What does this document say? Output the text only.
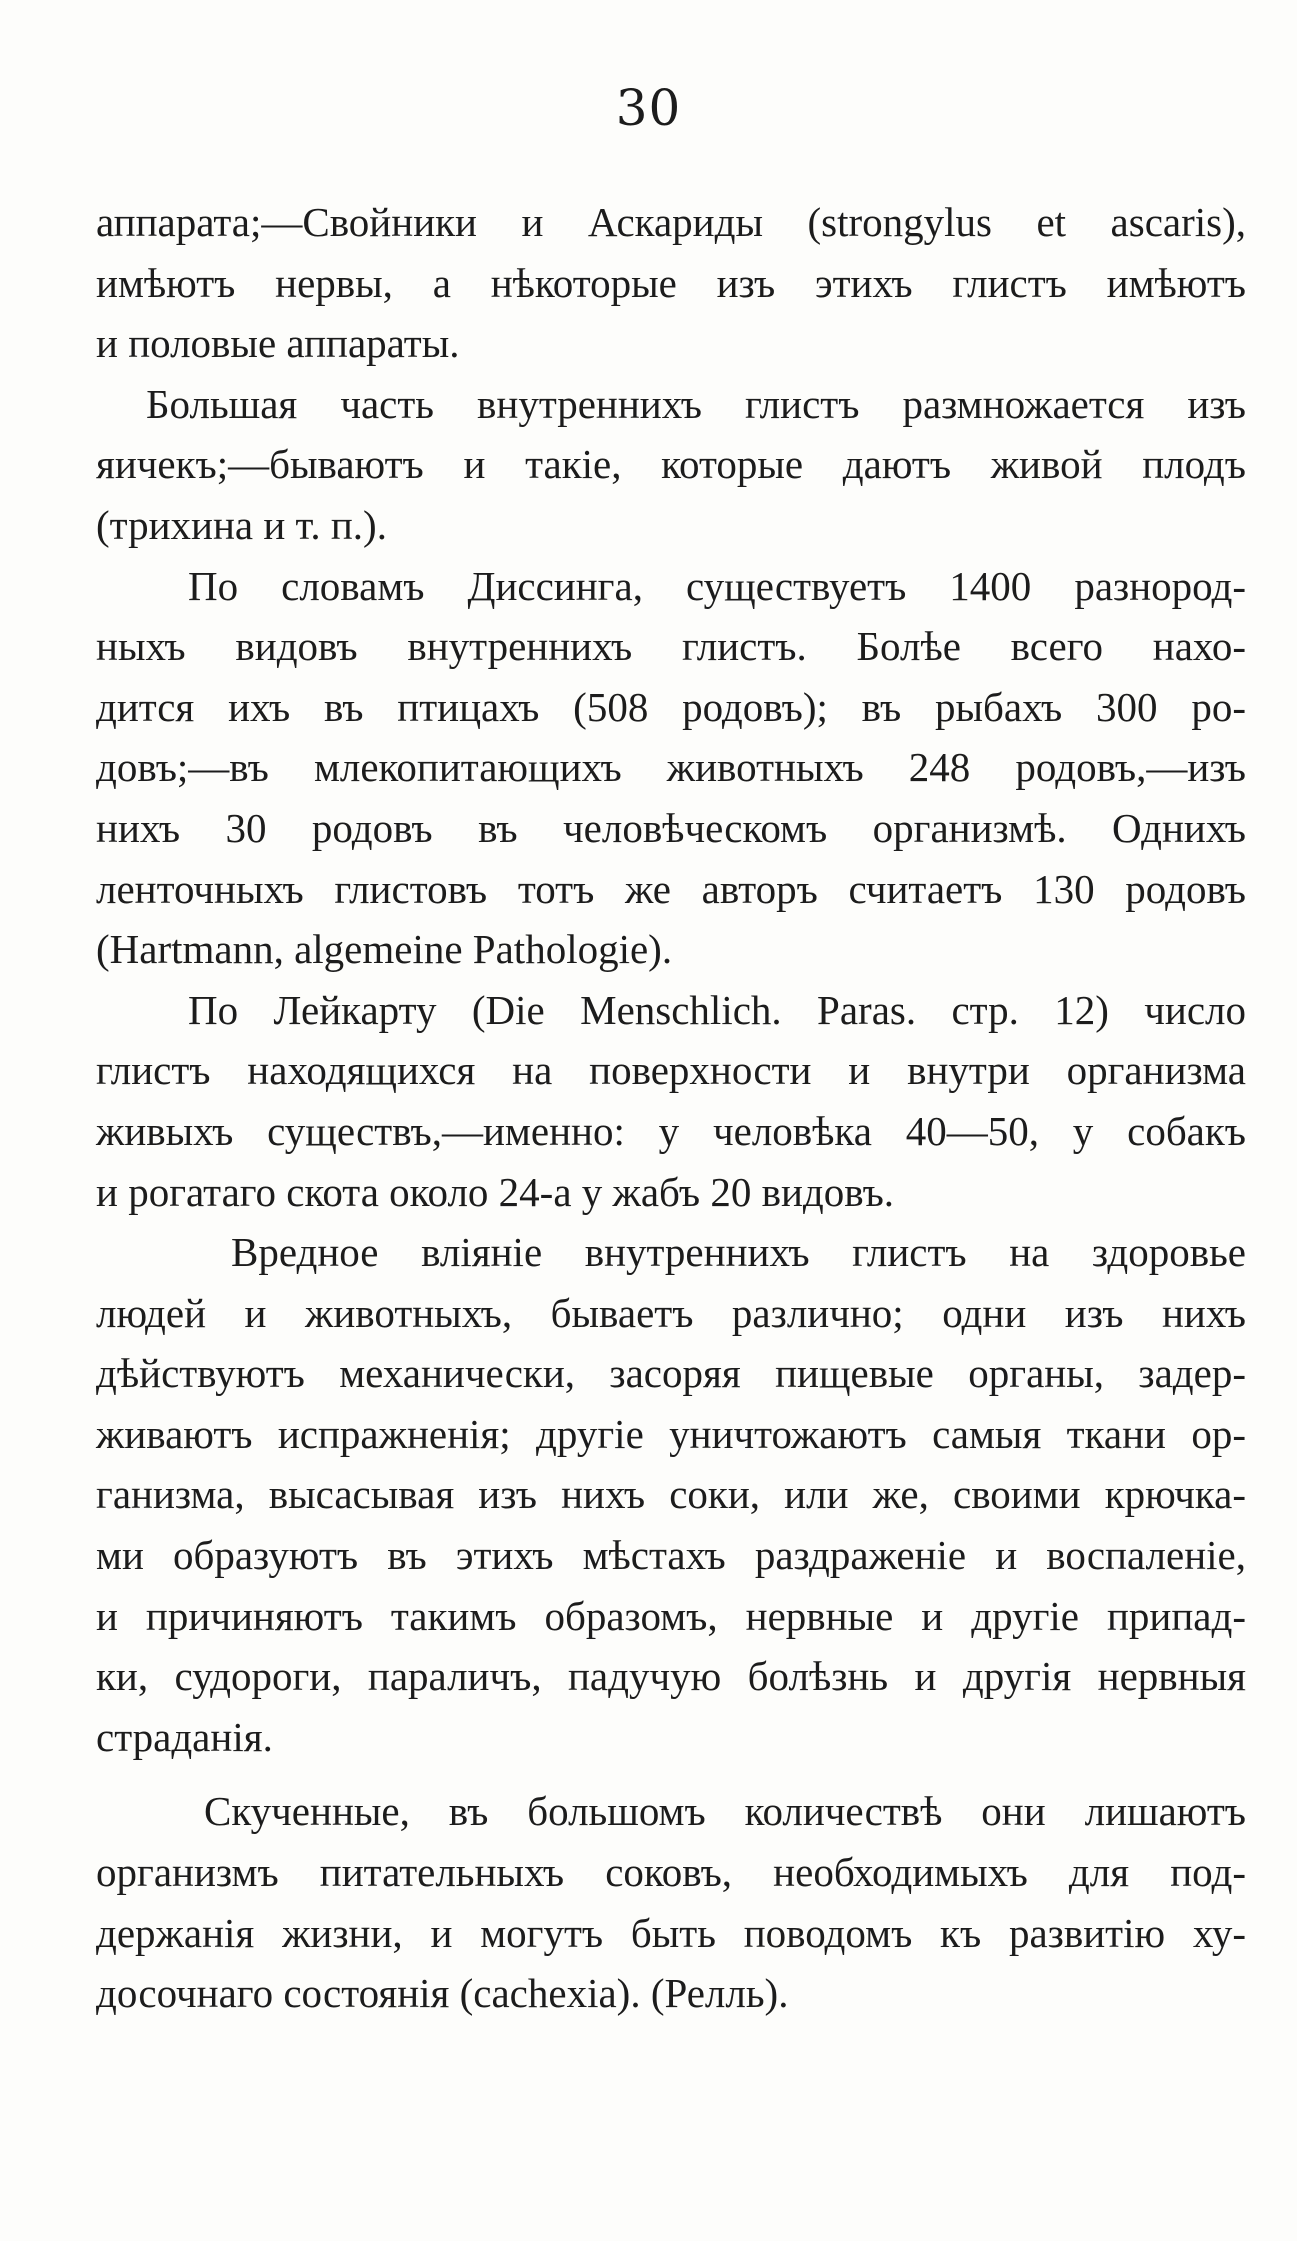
30

аппарата;—Свойники и Аскариды (strongylus et ascaris),
имѣютъ нервы, а нѣкоторые изъ этихъ глистъ имѣютъ
и половые аппараты.

Большая часть внутреннихъ глистъ размножается изъ
яичекъ;—бываютъ и такіе, которые даютъ живой плодъ
(трихина и т. п.).

По словамъ Диссинга, существуетъ 1400 разнород-
ныхъ видовъ внутреннихъ глистъ. Болѣе всего нахо-
дится ихъ въ птицахъ (508 родовъ); въ рыбахъ 300 ро-
довъ;—въ млекопитающихъ животныхъ 248 родовъ,—изъ
нихъ 30 родовъ въ человѣческомъ организмѣ. Однихъ
ленточныхъ глистовъ тотъ же авторъ считаетъ 130 родовъ
(Hartmann, algemeine Pathologie).

По Лейкарту (Die Menschlich. Paras. стр. 12) число
глистъ находящихся на поверхности и внутри организма
живыхъ существъ,—именно: у человѣка 40—50, у собакъ
и рогатаго скота около 24-а у жабъ 20 видовъ.

Вредное вліяніе внутреннихъ глистъ на здоровье
людей и животныхъ, бываетъ различно; одни изъ нихъ
дѣйствуютъ механически, засоряя пищевые органы, задер-
живаютъ испражненія; другіе уничтожаютъ самыя ткани ор-
ганизма, высасывая изъ нихъ соки, или же, своими крючка-
ми образуютъ въ этихъ мѣстахъ раздраженіе и воспаленіе,
и причиняютъ такимъ образомъ, нервные и другіе припад-
ки, судороги, параличъ, падучую болѣзнь и другія нервныя
страданія.

Скученные, въ большомъ количествѣ они лишаютъ
организмъ питательныхъ соковъ, необходимыхъ для под-
держанія жизни, и могутъ быть поводомъ къ развитію ху-
досочнаго состоянія (cachexia). (Релль).
